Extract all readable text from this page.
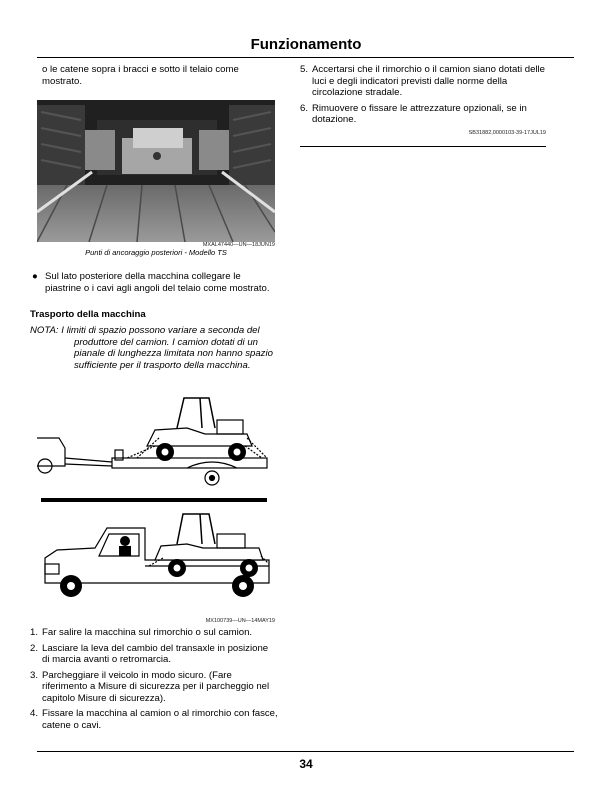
Funzionamento

o le catene sopra i bracci e sotto il telaio come mostrato.

MXAL47440—UN—18JUN19
Punti di ancoraggio posteriori - Modello TS
● Sul lato posteriore della macchina collegare le piastrine o i cavi agli angoli del telaio come mostrato.

Trasporto della macchina

NOTA: I limiti di spazio possono variare a seconda del produttore del camion. I camion dotati di un pianale di lunghezza limitata non hanno spazio sufficiente per il trasporto della macchina.

MX100739—UN—14MAY19
1. Far salire la macchina sul rimorchio o sul camion.
2. Lasciare la leva del cambio del transaxle in posizione di marcia avanti o retromarcia.
3. Parcheggiare il veicolo in modo sicuro. (Fare riferimento a Misure di sicurezza per il parcheggio nel capitolo Misure di sicurezza).
4. Fissare la macchina al camion o al rimorchio con fasce, catene o cavi.
5. Accertarsi che il rimorchio o il camion siano dotati delle luci e degli indicatori previsti dalle norme della circolazione stradale.
6. Rimuovere o fissare le attrezzature opzionali, se in dotazione.
SB31882,0000103-39-17JUL19
34
